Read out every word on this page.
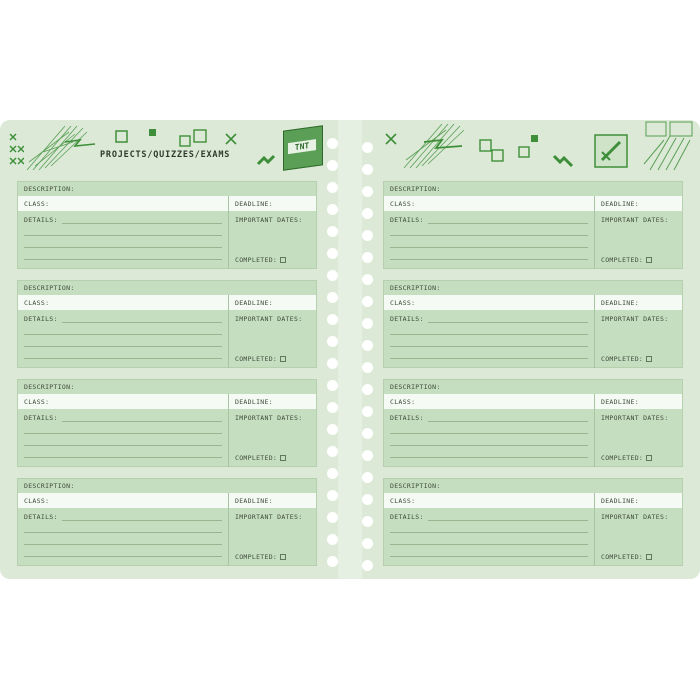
TNT
PROJECTS/QUIZZES/EXAMS
DESCRIPTION:
CLASS:	DEADLINE:
DETAILS:	IMPORTANT DATES:
COMPLETED:
DESCRIPTION:
CLASS:	DEADLINE:
DETAILS:	IMPORTANT DATES:
COMPLETED:
DESCRIPTION:
CLASS:	DEADLINE:
DETAILS:	IMPORTANT DATES:
COMPLETED:
DESCRIPTION:
CLASS:	DEADLINE:
DETAILS:	IMPORTANT DATES:
COMPLETED:
DESCRIPTION:
CLASS:	DEADLINE:
DETAILS:	IMPORTANT DATES:
COMPLETED:
DESCRIPTION:
CLASS:	DEADLINE:
DETAILS:	IMPORTANT DATES:
COMPLETED:
DESCRIPTION:
CLASS:	DEADLINE:
DETAILS:	IMPORTANT DATES:
COMPLETED:
DESCRIPTION:
CLASS:	DEADLINE:
DETAILS:	IMPORTANT DATES:
COMPLETED:
